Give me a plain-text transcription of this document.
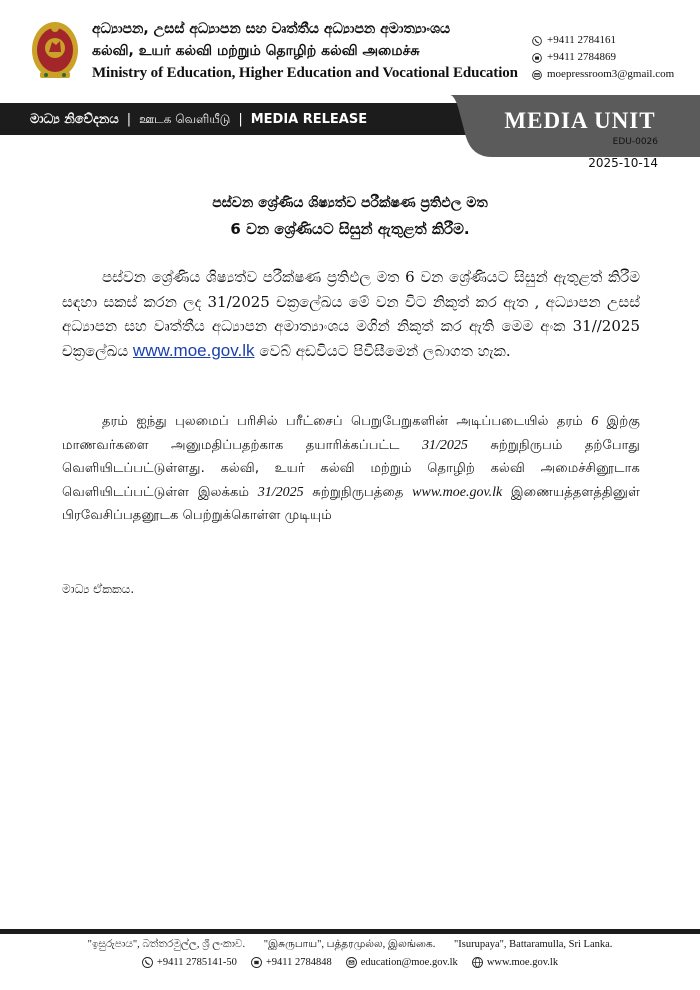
අධ්‍යාපන, උසස් අධ්‍යාපන සහ වෘත්තීය අධ්‍යාපන අමාත්‍යාංශය
கல்வி, உயர் கல்வி மற்றும் தொழிற் கல்வி அமைச்சு
Ministry of Education, Higher Education and Vocational Education
+9411 2784161
+9411 2784869
moepressroom3@gmail.com
මාධ්‍ය නිවේදනය | ஊடக வெளியீடு | MEDIA RELEASE	MEDIA UNIT
EDU-0026
2025-10-14
පස්වන ශ්‍රේණිය ශිෂ්‍යත්ව පරීක්ෂණ ප්‍රතිඵල මත
6 වන ශ්‍රේණියට සිසුන් ඇතුළත් කිරීම.
පස්වන ශ්‍රේණිය ශිෂ්‍යත්ව පරීක්ෂණ ප්‍රතිඵල මත 6 වන ශ්‍රේණියට සිසුන් ඇතුළත් කිරීම සඳහා සකස් කරන ලද 31/2025 චක්‍රලේඛය මේ වන විට නිකුත් කර ඇත , අධ්‍යාපන උසස් අධ්‍යාපන සහ වෘත්තීය අධ්‍යාපන අමාත්‍යාංශය මගින් නිකුත් කර ඇති මෙම අංක 31//2025 චක්‍රලේඛය www.moe.gov.lk වෙබ් අඩවියට පිවිසීමෙන් ලබාගත හැක.
தரம் ஐந்து புலமைப் பரிசில் பரீட்சைப் பெறுபேறுகளின் அடிப்படையில் தரம் 6 இற்கு மாணவர்களை அனுமதிப்பதற்காக தயாரிக்கப்பட்ட 31/2025 சுற்றுநிருபம் தற்போது வெளியிடப்பட்டுள்ளது. கல்வி, உயர் கல்வி மற்றும் தொழிற் கல்வி அமைச்சினூடாக வெளியிடப்பட்டுள்ள இலக்கம் 31/2025 சுற்றுநிருபத்தை www.moe.gov.lk இணையத்தளத்தினுள் பிரவேசிப்பதனூடக பெற்றுக்கொள்ள முடியும்
මාධ්‍ය ඒකකය.
"ඉසුරුපාය", බත්තරමුල්ල, ශ්‍රී ලංකාව. "இசுருபாய", பத்தரமுல்ல, இலங்கை. "Isurupaya", Battaramulla, Sri Lanka.
+9411 2785141-50	+9411 2784848	education@moe.gov.lk	www.moe.gov.lk
